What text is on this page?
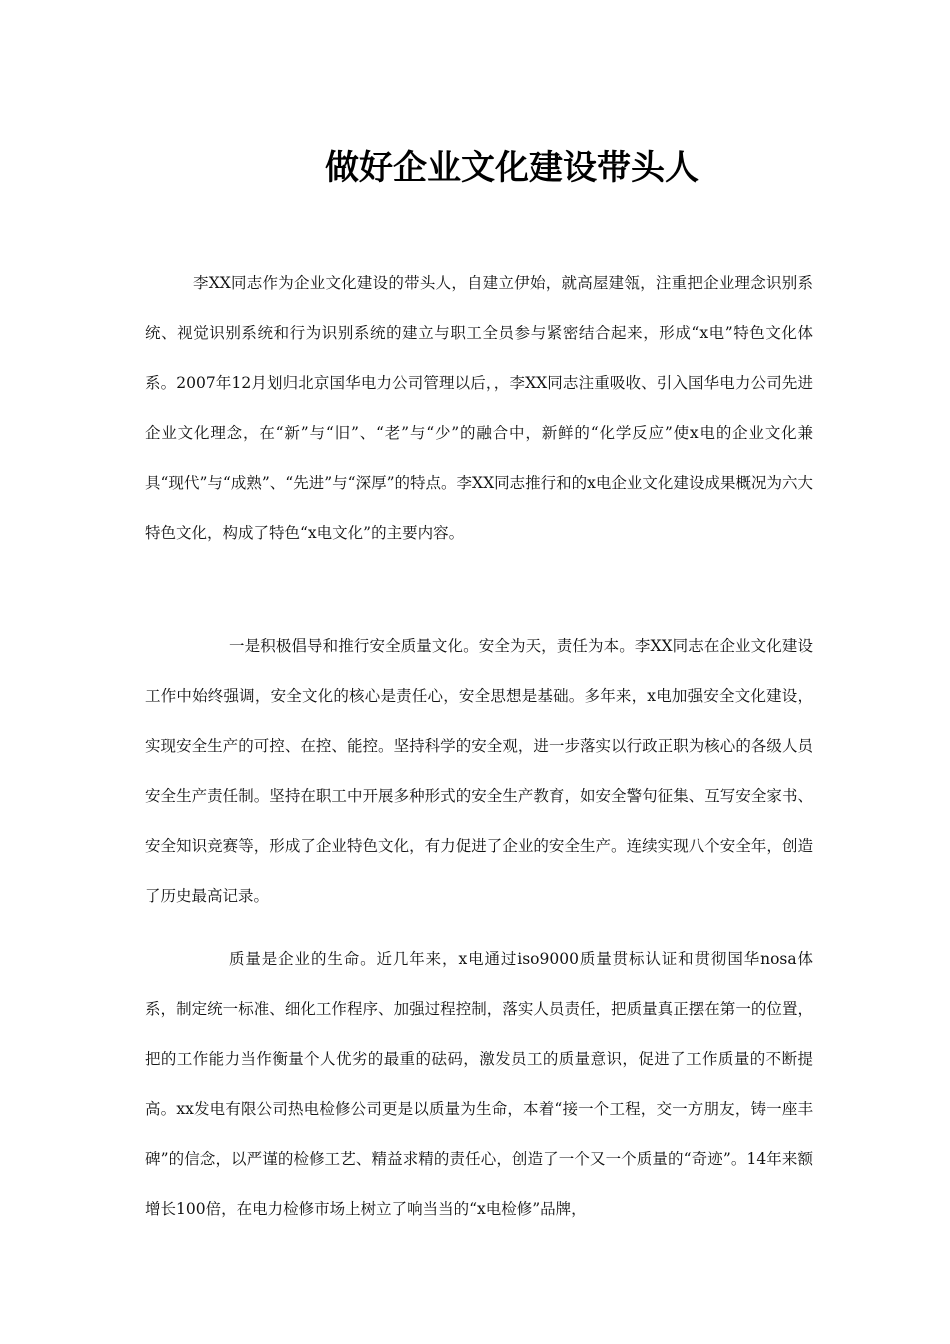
做好企业文化建设带头人

李XX同志作为企业文化建设的带头人，自建立伊始，就高屋建瓴，注重把企业理念识别系统、视觉识别系统和行为识别系统的建立与职工全员参与紧密结合起来，形成“x电”特色文化体系。2007年12月划归北京国华电力公司管理以后，，李XX同志注重吸收、引入国华电力公司先进企业文化理念，在“新”与“旧”、“老”与“少”的融合中，新鲜的“化学反应”使x电的企业文化兼具“现代”与“成熟”、“先进”与“深厚”的特点。李XX同志推行和的x电企业文化建设成果概况为六大特色文化，构成了特色“x电文化”的主要内容。

一是积极倡导和推行安全质量文化。安全为天，责任为本。李XX同志在企业文化建设工作中始终强调，安全文化的核心是责任心，安全思想是基础。多年来，x电加强安全文化建设，实现安全生产的可控、在控、能控。坚持科学的安全观，进一步落实以行政正职为核心的各级人员安全生产责任制。坚持在职工中开展多种形式的安全生产教育，如安全警句征集、互写安全家书、安全知识竞赛等，形成了企业特色文化，有力促进了企业的安全生产。连续实现八个安全年，创造了历史最高记录。

质量是企业的生命。近几年来，x电通过iso9000质量贯标认证和贯彻国华nosa体系，制定统一标准、细化工作程序、加强过程控制，落实人员责任，把质量真正摆在第一的位置，把的工作能力当作衡量个人优劣的最重的砝码，激发员工的质量意识，促进了工作质量的不断提高。xx发电有限公司热电检修公司更是以质量为生命，本着“接一个工程，交一方朋友，铸一座丰碑”的信念，以严谨的检修工艺、精益求精的责任心，创造了一个又一个质量的“奇迹”。14年来额增长100倍，在电力检修市场上树立了响当当的“x电检修”品牌，
